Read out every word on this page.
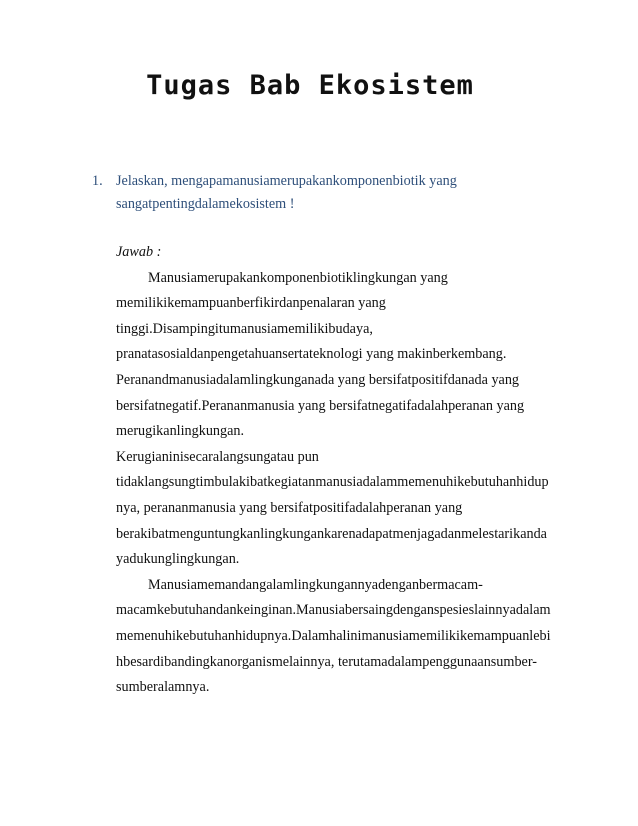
Tugas Bab Ekosistem
1. Jelaskan, mengapamanusiamerupakankomponenbiotik yang
sangatpentingdalamekosistem !
Jawab :
Manusiamerupakankomponenbiotiklingkungan yang
memilikikemampuanberfikirdanpenalaran yang
tinggi.Disampingitumanusiamemilikibudaya,
pranatasosialdanpengetahuansertateknologi yang makinberkembang.
Peranandmanusiadalamlingkunganada yang bersifatpositifdanada yang
bersifatnegatif.Perananmanusia yang bersifatnegatifadalahperanan yang
merugikanlingkungan.
Kerugianinisecaralangsungatau pun
tidaklangsungtimbulakibatkegiatanmanusiadalammemenuhikebutuhanhidup
nya, perananmanusia yang bersifatpositifadalahperanan yang
berakibatmenguntungkanlingkungankarenadapatmenjagadanmelestarikanda
yadukunglingkungan.
Manusiamemandangalamlingkungannyadenganbermacam-
macamkebutuhandankeinginan.Manusiabersaingdenganspesieslainnyadalam
memenuhikebutuhanhidupnya.Dalamhalinimanusiamemilikikemampuanlebi
hbesardibandingkanorganismelainnya, terutamadalampenggunaansumber-
sumberalamnya.
